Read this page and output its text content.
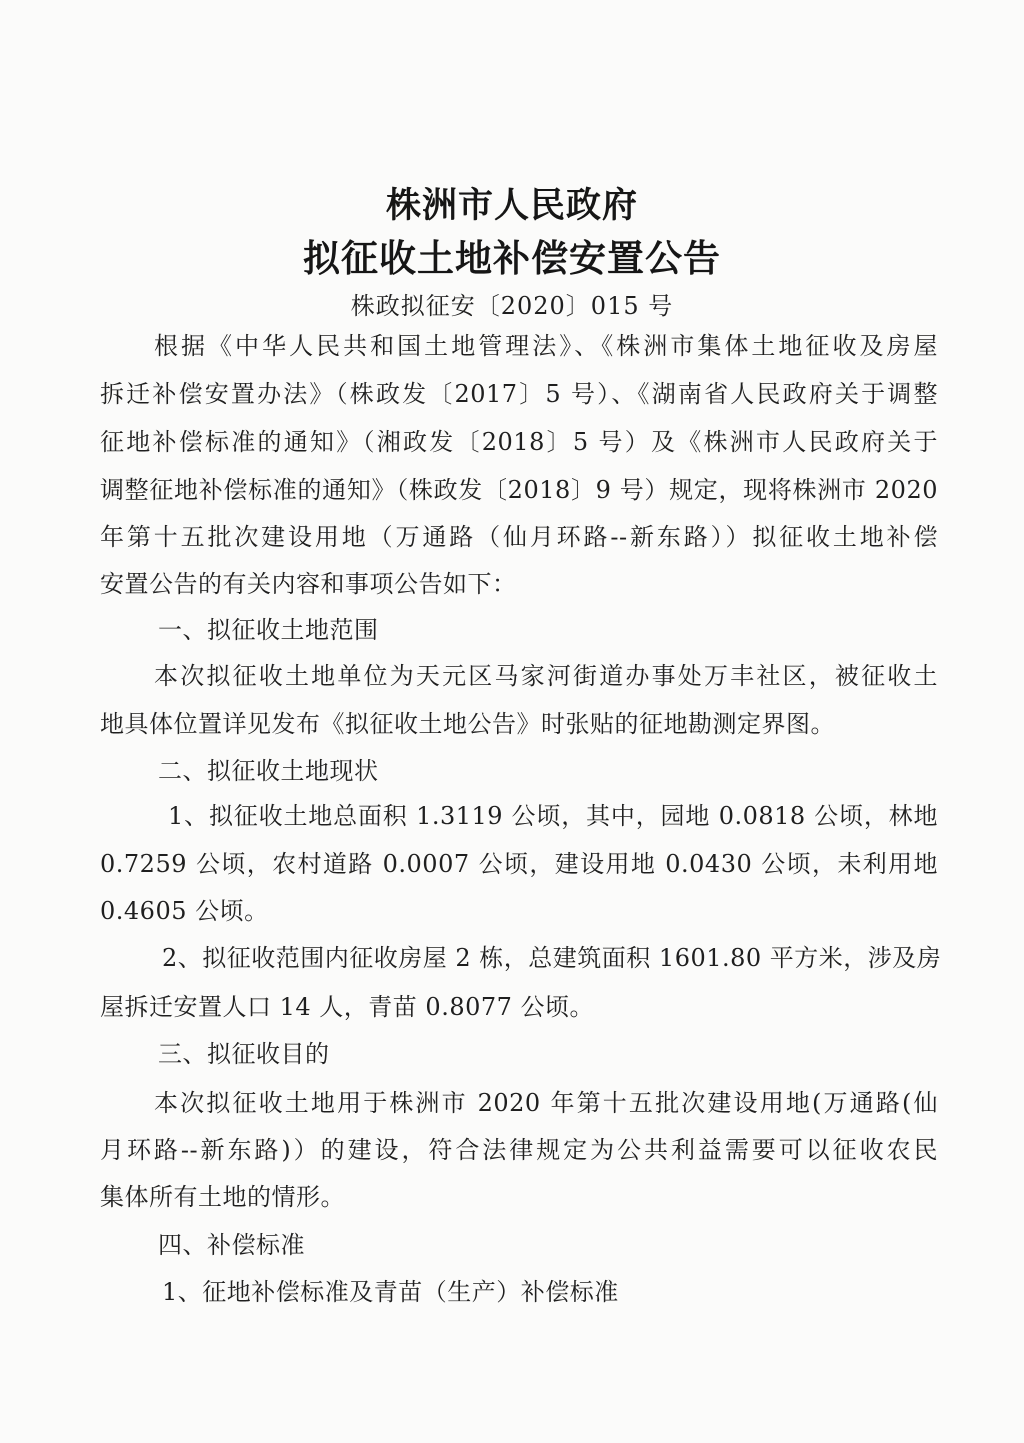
株洲市人民政府
拟征收土地补偿安置公告
株政拟征安〔2020〕015 号
根据《中华人民共和国土地管理法》、《株洲市集体土地征收及房屋
拆迁补偿安置办法》（株政发〔2017〕5 号）、《湖南省人民政府关于调整
征地补偿标准的通知》（湘政发〔2018〕5 号）及《株洲市人民政府关于
调整征地补偿标准的通知》（株政发〔2018〕9 号）规定，现将株洲市 2020
年第十五批次建设用地（万通路（仙月环路--新东路））拟征收土地补偿
安置公告的有关内容和事项公告如下：
一、拟征收土地范围
本次拟征收土地单位为天元区马家河街道办事处万丰社区，被征收土
地具体位置详见发布《拟征收土地公告》时张贴的征地勘测定界图。
二、拟征收土地现状
1、拟征收土地总面积 1.3119 公顷，其中，园地 0.0818 公顷，林地
0.7259 公顷，农村道路 0.0007 公顷，建设用地 0.0430 公顷，未利用地
0.4605 公顷。
2、拟征收范围内征收房屋 2 栋，总建筑面积 1601.80 平方米，涉及房
屋拆迁安置人口 14 人，青苗 0.8077 公顷。
三、拟征收目的
本次拟征收土地用于株洲市 2020 年第十五批次建设用地(万通路(仙
月环路--新东路)）的建设，符合法律规定为公共利益需要可以征收农民
集体所有土地的情形。
四、补偿标准
1、征地补偿标准及青苗（生产）补偿标准
